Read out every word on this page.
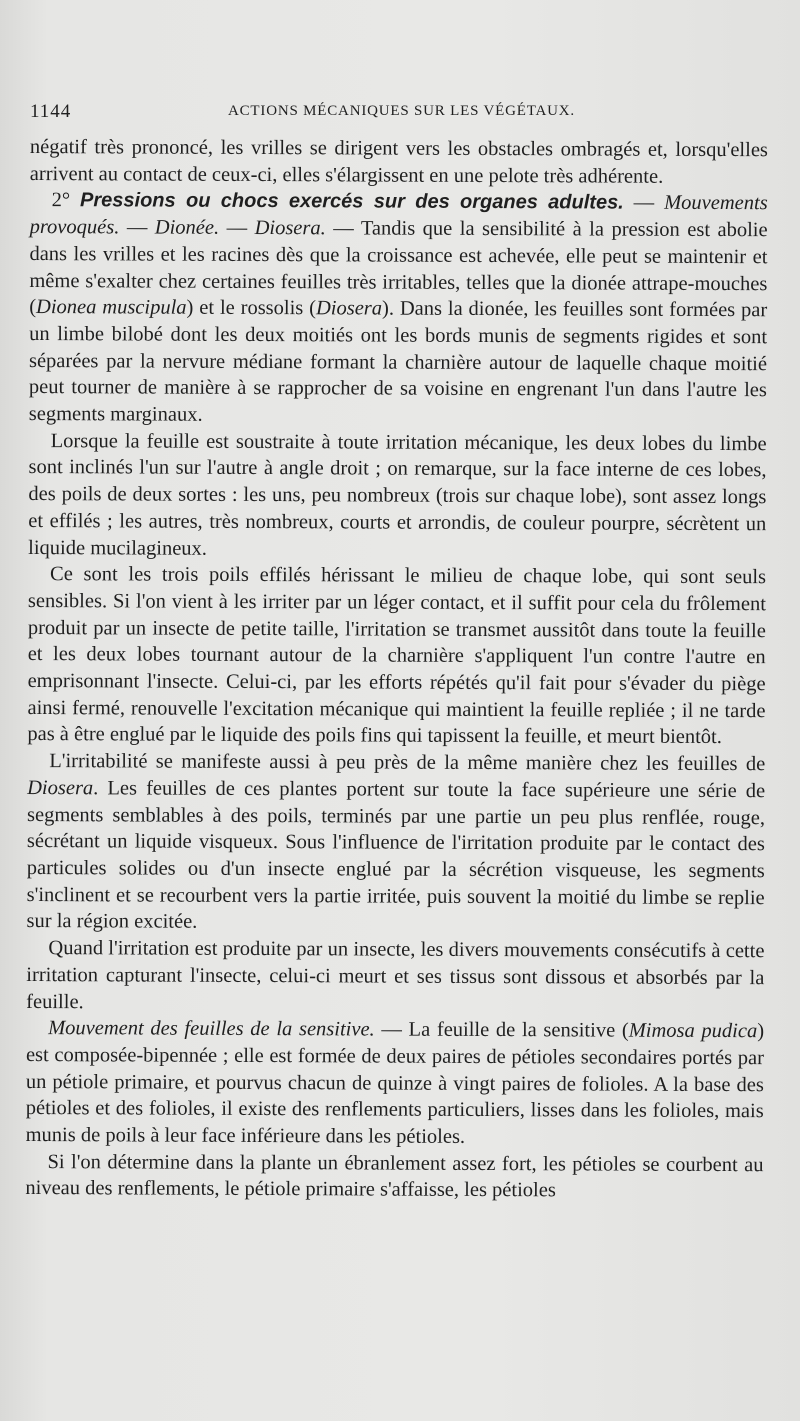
1144	ACTIONS MÉCANIQUES SUR LES VÉGÉTAUX.

négatif très prononcé, les vrilles se dirigent vers les obstacles ombragés et, lorsqu'elles arrivent au contact de ceux-ci, elles s'élargissent en une pelote très adhérente.

2° Pressions ou chocs exercés sur des organes adultes. — Mouvements provoqués. — Dionée. — Diosera. — Tandis que la sensibilité à la pression est abolie dans les vrilles et les racines dès que la croissance est achevée, elle peut se maintenir et même s'exalter chez certaines feuilles très irritables, telles que la dionée attrape-mouches (Dionea muscipula) et le rossolis (Diosera). Dans la dionée, les feuilles sont formées par un limbe bilobé dont les deux moitiés ont les bords munis de segments rigides et sont séparées par la nervure médiane formant la charnière autour de laquelle chaque moitié peut tourner de manière à se rapprocher de sa voisine en engrenant l'un dans l'autre les segments marginaux.

Lorsque la feuille est soustraite à toute irritation mécanique, les deux lobes du limbe sont inclinés l'un sur l'autre à angle droit ; on remarque, sur la face interne de ces lobes, des poils de deux sortes : les uns, peu nombreux (trois sur chaque lobe), sont assez longs et effilés ; les autres, très nombreux, courts et arrondis, de couleur pourpre, sécrètent un liquide mucilagineux.

Ce sont les trois poils effilés hérissant le milieu de chaque lobe, qui sont seuls sensibles. Si l'on vient à les irriter par un léger contact, et il suffit pour cela du frôlement produit par un insecte de petite taille, l'irritation se transmet aussitôt dans toute la feuille et les deux lobes tournant autour de la charnière s'appliquent l'un contre l'autre en emprisonnant l'insecte. Celui-ci, par les efforts répétés qu'il fait pour s'évader du piège ainsi fermé, renouvelle l'excitation mécanique qui maintient la feuille repliée ; il ne tarde pas à être englué par le liquide des poils fins qui tapissent la feuille, et meurt bientôt.

L'irritabilité se manifeste aussi à peu près de la même manière chez les feuilles de Diosera. Les feuilles de ces plantes portent sur toute la face supérieure une série de segments semblables à des poils, terminés par une partie un peu plus renflée, rouge, sécrétant un liquide visqueux. Sous l'influence de l'irritation produite par le contact des particules solides ou d'un insecte englué par la sécrétion visqueuse, les segments s'inclinent et se recourbent vers la partie irritée, puis souvent la moitié du limbe se replie sur la région excitée.

Quand l'irritation est produite par un insecte, les divers mouvements consécutifs à cette irritation capturant l'insecte, celui-ci meurt et ses tissus sont dissous et absorbés par la feuille.

Mouvement des feuilles de la sensitive. — La feuille de la sensitive (Mimosa pudica) est composée-bipennée ; elle est formée de deux paires de pétioles secondaires portés par un pétiole primaire, et pourvus chacun de quinze à vingt paires de folioles. A la base des pétioles et des folioles, il existe des renflements particuliers, lisses dans les folioles, mais munis de poils à leur face inférieure dans les pétioles.

Si l'on détermine dans la plante un ébranlement assez fort, les pétioles se courbent au niveau des renflements, le pétiole primaire s'affaisse, les pétioles
